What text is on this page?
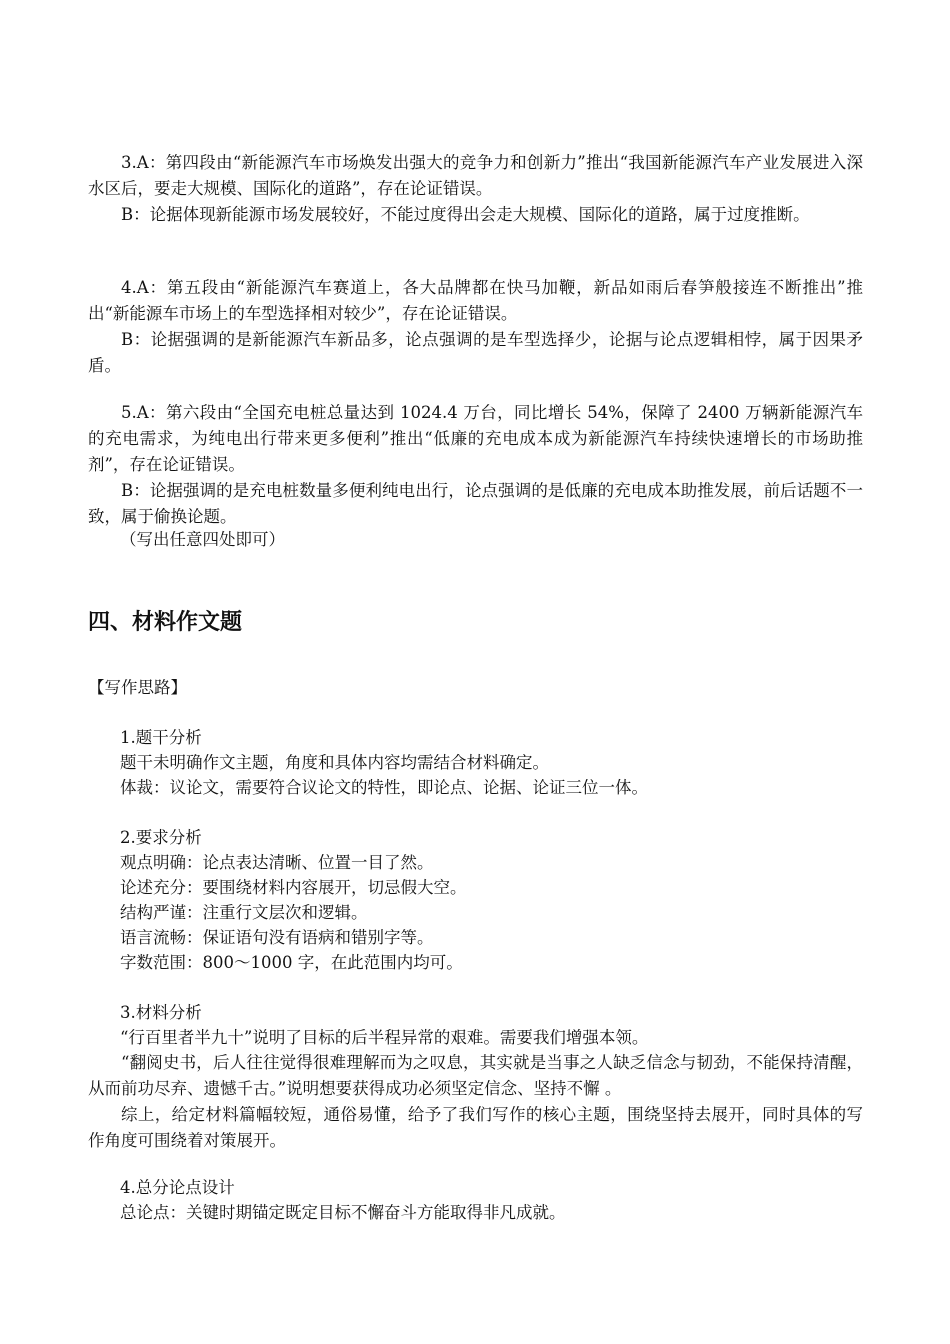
3.A：第四段由“新能源汽车市场焕发出强大的竞争力和创新力”推出“我国新能源汽车产业发展进入深水区后，要走大规模、国际化的道路”，存在论证错误。

B：论据体现新能源市场发展较好，不能过度得出会走大规模、国际化的道路，属于过度推断。

4.A：第五段由“新能源汽车赛道上，各大品牌都在快马加鞭，新品如雨后春笋般接连不断推出”推出“新能源车市场上的车型选择相对较少”，存在论证错误。

B：论据强调的是新能源汽车新品多，论点强调的是车型选择少，论据与论点逻辑相悖，属于因果矛盾。

5.A：第六段由“全国充电桩总量达到 1024.4 万台，同比增长 54%，保障了 2400 万辆新能源汽车的充电需求，为纯电出行带来更多便利”推出“低廉的充电成本成为新能源汽车持续快速增长的市场助推剂”，存在论证错误。

B：论据强调的是充电桩数量多便利纯电出行，论点强调的是低廉的充电成本助推发展，前后话题不一致，属于偷换论题。

（写出任意四处即可）

四、材料作文题

【写作思路】

1.题干分析

题干未明确作文主题，角度和具体内容均需结合材料确定。

体裁：议论文，需要符合议论文的特性，即论点、论据、论证三位一体。

2.要求分析

观点明确：论点表达清晰、位置一目了然。

论述充分：要围绕材料内容展开，切忌假大空。

结构严谨：注重行文层次和逻辑。

语言流畅：保证语句没有语病和错别字等。

字数范围：800～1000 字，在此范围内均可。

3.材料分析

“行百里者半九十”说明了目标的后半程异常的艰难。需要我们增强本领。

“翻阅史书，后人往往觉得很难理解而为之叹息，其实就是当事之人缺乏信念与韧劲，不能保持清醒，从而前功尽弃、遗憾千古。”说明想要获得成功必须坚定信念、坚持不懈 。

综上，给定材料篇幅较短，通俗易懂，给予了我们写作的核心主题，围绕坚持去展开，同时具体的写作角度可围绕着对策展开。

4.总分论点设计

总论点：关键时期锚定既定目标不懈奋斗方能取得非凡成就。
